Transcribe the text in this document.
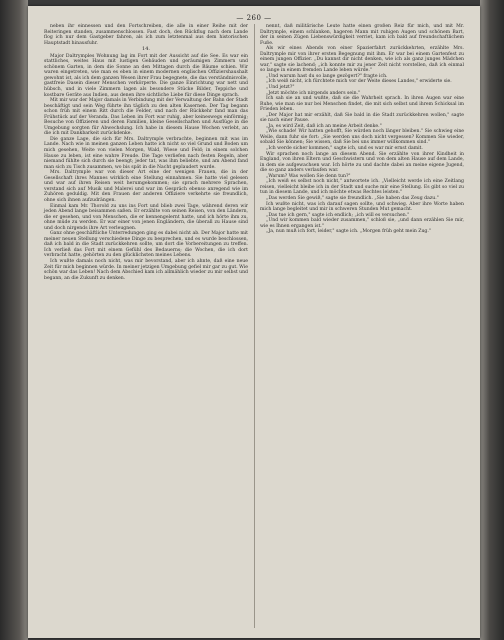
— 260 —

neben ihr einnessen und den Fortschreiben, die alle in einer Reihe mit der Reiteringen standen, zusammenschlossen. Fast doch, den Rückflug nach dem Lande flog ich nur dem Gastgeber fahren, als ich zum letztenmal aus dem historischen Hauptstadt hinausfuhr.

14.

Major Daltrymples Wohnung lag im Fort mit der Aussicht auf die See. Es war ein stattliches, weites Haus mit lustigen Gebäuden und geräumigen Zimmern und schönem Garten, in dem die Sonne an den Mittagen durch die Bäume schien. Wir waren eingetreten, wie man es eben in einem modernen englischen Offiziershaushalt gewohnt ist, als ich dem ganzen Wesen ihrer Frau begegnete, die das verständnisvolle, gastfreie Dasein dieser Menschen verkörperte. Die ganze Einrichtung war nett und hübsch, und in viele Zimmern lagen als besondere Stücke Bilder, Teppiche und kostbare Geräte aus Indien, aus denen ihre sichtliche Liebe für diese Dinge sprach.

Mit mir war der Major damals in Verbindung mit der Verwaltung der Bahn der Stadt beschäftigt und sein Weg führte ihn täglich zu den alten Kasernen. Der Tag begann schon früh mit einem Ritt durch die Felder, und nach der Rückkehr fand man das Frühstück auf der Veranda. Das Leben im Fort war ruhig, aber keineswegs einförmig; Besuche von Offizieren und deren Familien, kleine Gesellschaften und Ausflüge in die Umgebung sorgten für Abwechslung. Ich habe in diesem Hause Wochen verlebt, an die ich mit Dankbarkeit zurückdenke.

Die ganze Lage, die sich für Mrs. Daltrymple verbrachte, beginnen mit was im Lande. Nach wie in meinen ganzen Leben hatte ich nicht so viel Grund und Boden um mich gesehen, Weite von vielen Morgen, Wald, Wiese und Feld; in einem solchen Hause zu leben, ist eine wahre Freude. Die Tage verliefen nach festen Regeln, aber niemand fühlte sich durch sie beengt; jeder tat, was ihm beliebte, und am Abend fand man sich zu Tisch zusammen, wo bis spät in die Nacht geplaudert wurde.

Mrs. Daltrymple war von dieser Art eine der wenigen Frauen, die in der Gesellschaft ihres Mannes wirklich eine Stellung einnahmen. Sie hatte viel gelesen und war auf ihren Reisen weit herumgekommen; sie sprach mehrere Sprachen, verstand sich auf Musik und Malerei und war im Gespräch ebenso anregend wie im Zuhören geduldig. Mit den Frauen der anderen Offiziere verkehrte sie freundlich, ohne sich ihnen aufzudrängen.

Einmal kam Mr. Thorold zu uns ins Fort und blieb zwei Tage, während deren wir jeden Abend lange beisammen saßen. Er erzählte von seinen Reisen, von den Ländern, die er gesehen, und von Menschen, die er kennengelernt hatte, und ich hörte ihm zu, ohne müde zu werden. Er war einer von jenen Engländern, die überall zu Hause sind und doch nirgends ihre Art verleugnen.

Ganz ohne geschäftliche Unterredungen ging es dabei nicht ab. Der Major hatte mit meiner neuen Stellung verschiedene Dinge zu besprechen, und es wurde beschlossen, daß ich bald in die Stadt zurückkehren sollte, um dort die Vorbereitungen zu treffen. Ich verließ das Fort mit einem Gefühl des Bedauerns; die Wochen, die ich dort verbracht hatte, gehörten zu den glücklichsten meines Lebens.

Ich wußte damals noch nicht, was mir bevorstand, aber ich ahnte, daß eine neue Zeit für mich beginnen würde. In meiner jetzigen Umgebung gefiel mir gar zu gut. Wie schön war das Leben! Nach dem Abschied kam ich allmählich wieder zu mir selbst und begann, an die Zukunft zu denken.

nennt, daß militärische Leute hatte einen großen Reiz für mich, und mit Mr. Daltrymple, einem schlanken, hageren Mann mit ruhigen Augen und schönem Bart, der in seinen Zügen Liebenswürdigkeit verriet, kam ich bald auf freundschaftlichem Fuße.

Als wir eines Abends von einer Spazierfahrt zurückkehrten, erzählte Mrs. Daltrymple mir von ihrer ersten Begegnung mit ihm. Er war bei einem Gartenfest zu einem jungen Offizier. „Du kannst dir nicht denken, wie ich als ganz junges Mädchen war," sagte sie lachend; „ich konnte mir zu jener Zeit nicht vorstellen, daß ich einmal so lange in einem fremden Lande leben würde."

„Und warum hast du so lange gezögert?" fragte ich.

„Ich weiß nicht, ich fürchtete mich vor der Weite dieses Landes," erwiderte sie.

„Und jetzt?"

„Jetzt möchte ich nirgends anders sein."

Ich sah sie an und wußte, daß sie die Wahrheit sprach. In ihren Augen war eine Ruhe, wie man sie nur bei Menschen findet, die mit sich selbst und ihrem Schicksal im Frieden leben.

„Der Major hat mir erzählt, daß Sie bald in die Stadt zurückkehren wollen," sagte sie nach einer Pause.

„Ja, es wird Zeit, daß ich an meine Arbeit denke."

„Wie schade! Wir hatten gehofft, Sie würden noch länger bleiben." Sie schwieg eine Weile, dann fuhr sie fort: „Sie werden uns doch nicht vergessen? Kommen Sie wieder, sobald Sie können; Sie wissen, daß Sie bei uns immer willkommen sind."

„Ich werde sicher kommen," sagte ich, und es war mir ernst damit.

Wir sprachen noch lange an diesem Abend. Sie erzählte von ihrer Kindheit in England, von ihren Eltern und Geschwistern und von dem alten Hause auf dem Lande, in dem sie aufgewachsen war. Ich hörte zu und dachte dabei an meine eigene Jugend, die so ganz anders verlaufen war.

„Warum? Was wollen Sie denn tun?"

„Ich weiß es selbst noch nicht," antwortete ich. „Vielleicht werde ich eine Zeitlang reisen, vielleicht bleibe ich in der Stadt und suche mir eine Stellung. Es gibt so viel zu tun in diesem Lande, und ich möchte etwas Rechtes leisten."

„Das werden Sie gewiß," sagte sie freundlich. „Sie haben das Zeug dazu."

Ich wußte nicht, was ich darauf sagen sollte, und schwieg. Aber ihre Worte haben mich lange begleitet und mir in schweren Stunden Mut gemacht.

„Das tue ich gern," sagte ich endlich; „ich will es versuchen."

„Und wir kommen bald wieder zusammen," schloß sie, „und dann erzählen Sie mir, wie es Ihnen ergangen ist."

„Ja, nun muß ich fort, leider," sagte ich. „Morgen früh geht mein Zug."
